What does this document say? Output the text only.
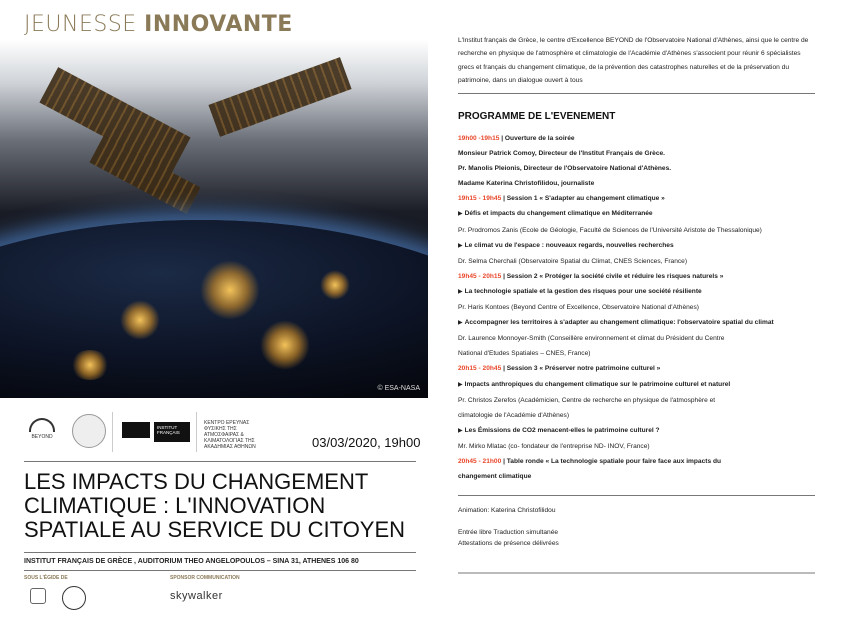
JEUNESSE INNOVANTE
© ESA-NASA
BEYOND
INSTITUT FRANÇAIS
ΚΕΝΤΡΟ ΕΡΕΥΝΑΣ ΦΥΣΙΚΗΣ ΤΗΣ ΑΤΜΟΣΦΑΙΡΑΣ & ΚΛΙΜΑΤΟΛΟΓΙΑΣ ΤΗΣ ΑΚΑΔΗΜΙΑΣ ΑΘΗΝΩΝ	03/03/2020, 19h00
LES IMPACTS DU CHANGEMENT CLIMATIQUE : L'INNOVATION SPATIALE AU SERVICE DU CITOYEN
INSTITUT FRANÇAIS DE GRÈCE , AUDITORIUM THEO ANGELOPOULOS – SINA 31, ATHENES 106 80
SOUS L'ÉGIDE DE	SPONSOR COMMUNICATION
skywalker
L'Institut français de Grèce, le centre d'Excellence BEYOND de l'Observatoire National d'Athènes, ainsi que le centre de recherche en physique de l'atmosphère et climatologie de l'Académie d'Athènes s'associent pour réunir 6 spécialistes grecs et français du changement climatique, de la prévention des catastrophes naturelles et de la préservation du patrimoine, dans un dialogue ouvert à tous
PROGRAMME DE L'EVENEMENT
19h00 -19h15 | Ouverture de la soirée
Monsieur Patrick Comoy, Directeur de l'Institut Français de Grèce.
Pr. Manolis Pleionis, Directeur de l'Observatoire National d'Athènes.
Madame Katerina Christofilidou, journaliste
19h15 - 19h45 | Session 1 « S'adapter au changement climatique »
▶ Défis et impacts du changement climatique en Méditerranée
Pr. Prodromos Zanis (Ecole de Géologie, Faculté de Sciences de l'Université Aristote de Thessalonique)
▶ Le climat vu de l'espace : nouveaux regards, nouvelles recherches
Dr. Selma Cherchali (Observatoire Spatial du Climat, CNES Sciences, France)
19h45 - 20h15 | Session 2 « Protéger la société civile et réduire les risques naturels »
▶ La technologie spatiale et la gestion des risques pour une société résiliente
Pr. Haris Kontoes (Beyond Centre of Excellence, Observatoire National d'Athènes)
▶ Accompagner les territoires à s'adapter au changement climatique: l'observatoire spatial du climat
Dr. Laurence Monnoyer-Smith (Conseillère environnement et climat du Président du Centre
National d'Etudes Spatiales – CNES, France)
20h15 - 20h45 | Session 3 « Préserver notre patrimoine culturel »
▶ Impacts anthropiques du changement climatique sur le patrimoine culturel et naturel
Pr. Christos Zerefos (Académicien, Centre de recherche en physique de l'atmosphère et
climatologie de l'Académie d'Athènes)
▶ Les Émissions de CO2 menacent-elles le patrimoine culturel ?
Mr. Mirko Mlatac (co- fondateur de l'entreprise ND- INOV, France)
20h45 - 21h00 | Table ronde « La technologie spatiale pour faire face aux impacts du
changement climatique
Animation: Katerina Christofilidou
Entrée libre Traduction simultanée
Attestations de présence délivrées
